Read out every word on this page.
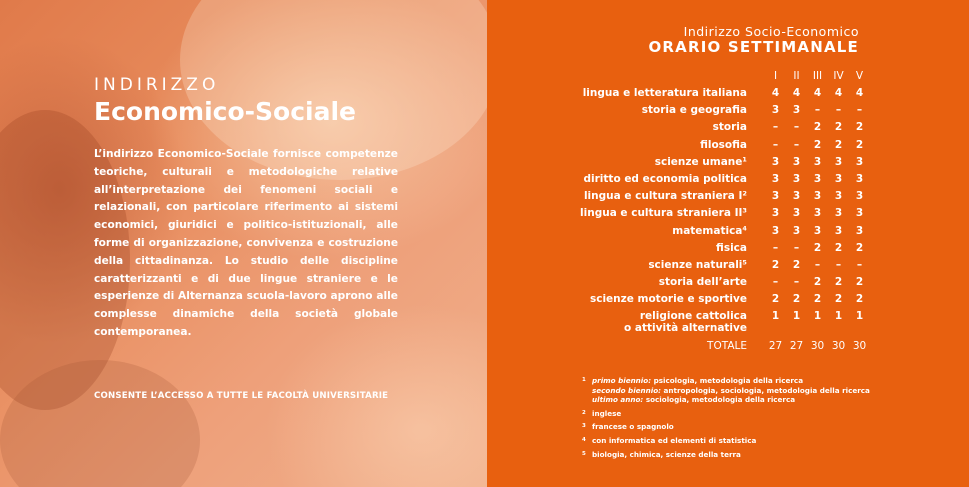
INDIRIZZO

Economico-Sociale

L’indirizzo Economico-Sociale fornisce competenze teoriche, culturali e metodologiche relative all’interpretazione dei fenomeni sociali e relazionali, con particolare riferimento ai sistemi economici, giuridici e politico-istituzionali, alle forme di organizzazione, convivenza e costruzione della cittadinanza. Lo studio delle discipline caratterizzanti e di due lingue straniere e le esperienze di Alternanza scuola-lavoro aprono alle complesse dinamiche della società globale contemporanea.

CONSENTE L’ACCESSO A TUTTE LE FACOLTÀ UNIVERSITARIE
Indirizzo Socio-Economico
ORARIO SETTIMANALE
I	II	III	IV	V
lingua e letteratura italiana	4	4	4	4	4
storia e geografia	3	3	–	–	–
storia	–	–	2	2	2
filosofia	–	–	2	2	2
scienze umane¹	3	3	3	3	3
diritto ed economia politica	3	3	3	3	3
lingua e cultura straniera I²	3	3	3	3	3
lingua e cultura straniera II³	3	3	3	3	3
matematica⁴	3	3	3	3	3
fisica	–	–	2	2	2
scienze naturali⁵	2	2	–	–	–
storia dell’arte	–	–	2	2	2
scienze motorie e sportive	2	2	2	2	2
religione cattolica
o attività alternative
1	1	1	1	1
TOTALE	27 27 30 30 30
1 primo biennio: psicologia, metodologia della ricerca
secondo biennio: antropologia, sociologia, metodologia della ricerca
ultimo anno: sociologia, metodologia della ricerca
2 inglese
3 francese o spagnolo
4 con informatica ed elementi di statistica
5 biologia, chimica, scienze della terra
